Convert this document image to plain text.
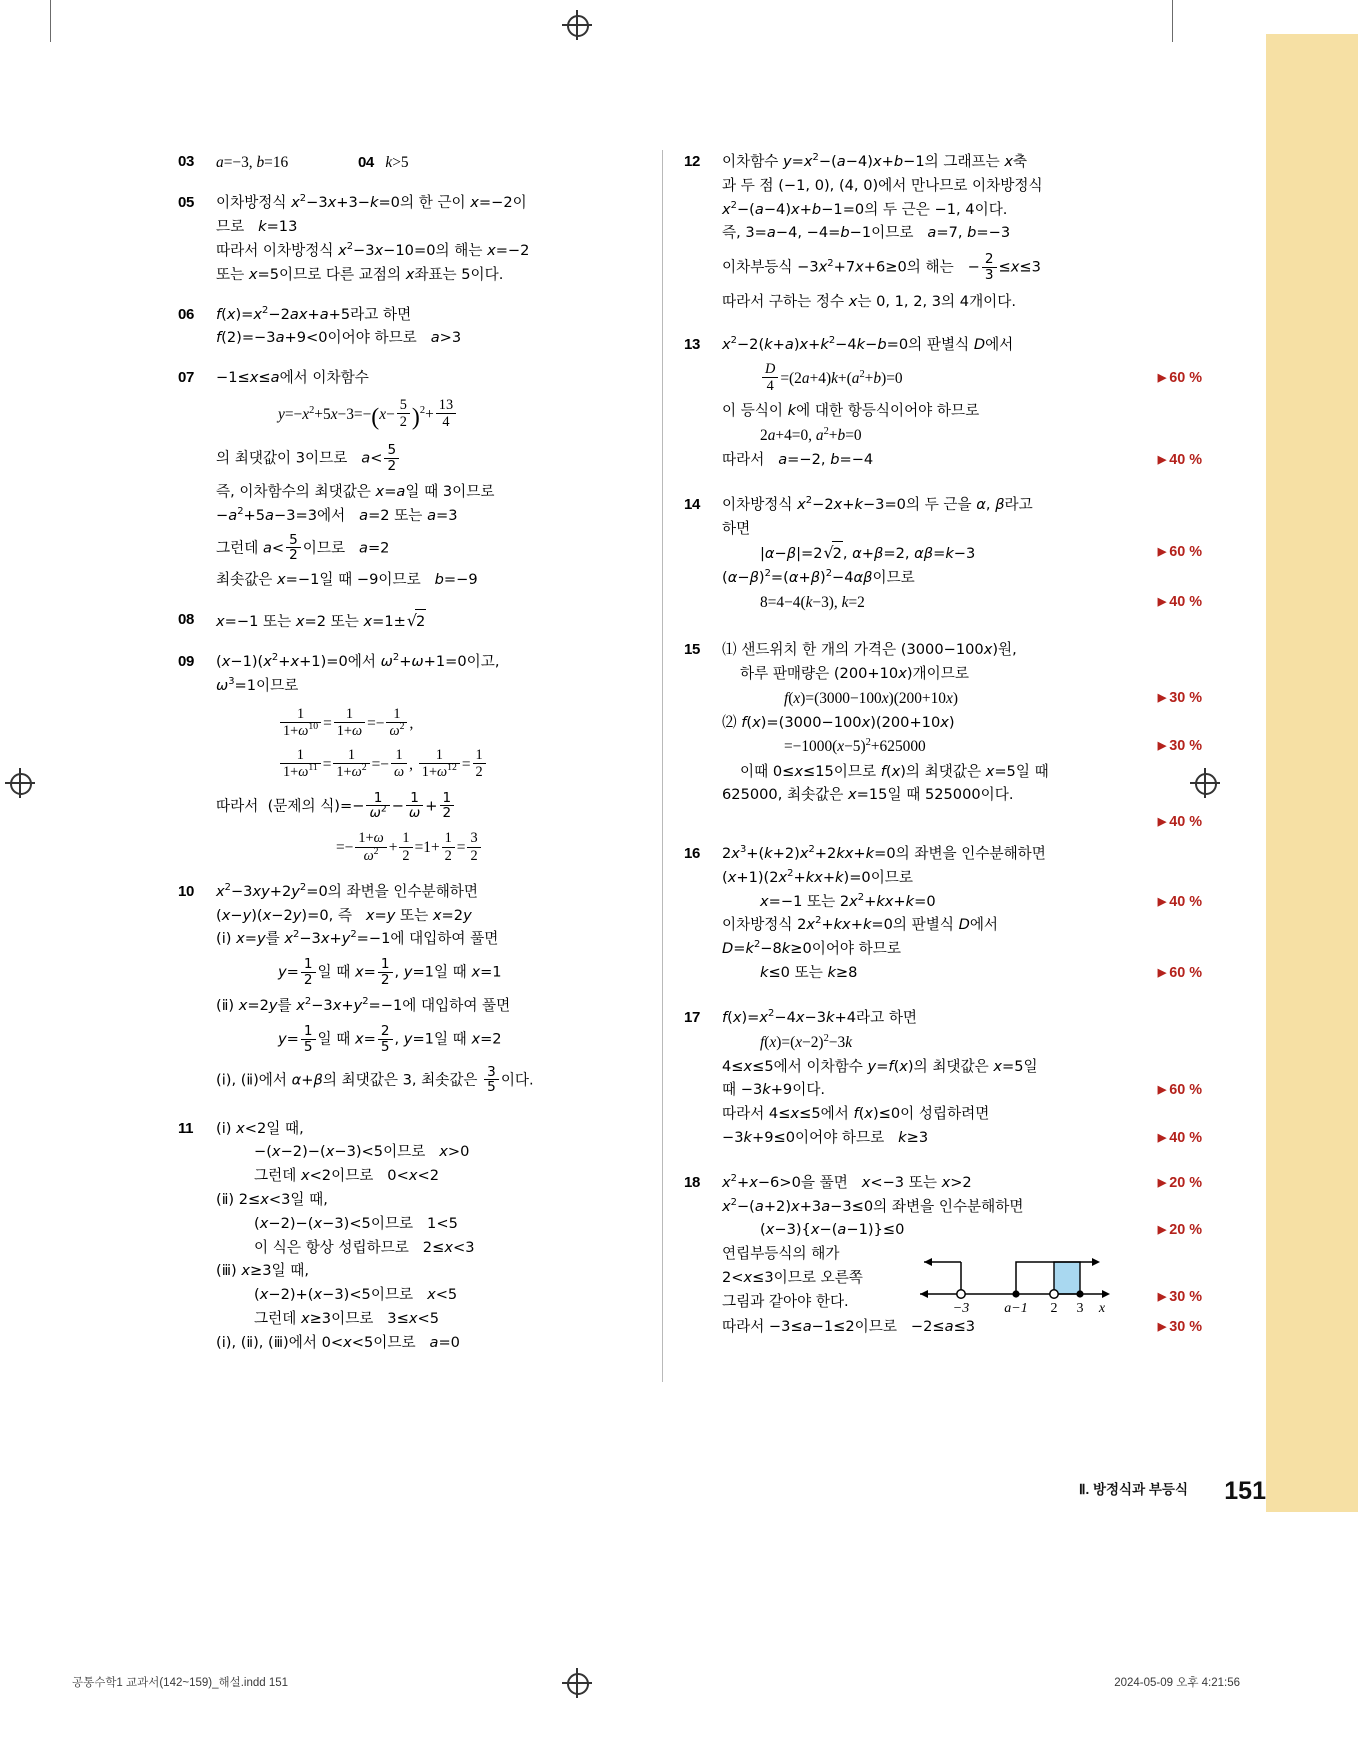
03	a=−3, b=16	04 k>5
05	이차방정식 $x^2-3x+3-k=0$의 한 근이 x=−2이
므로   k=13
따라서 이차방정식 $x^2-3x-10=0$의 해는 x=−2
또는 x=5이므로 다른 교점의 x좌표는 5이다.
06	$f(x)=x^2-2ax+a+5$라고 하면
f(2)=−3a+9<0이어야 하므로   a>3
07	−1≤x≤a에서 이차함수
$y=-x^2+5x-3=-(x- \frac{5}{2} )^2+ \frac{13}{4}$
의 최댓값이 3이므로   $a< \frac{5}{2}$
즉, 이차함수의 최댓값은 x=a일 때 3이므로
$-a^2+5a-3=3$에서   a=2 또는 a=3
그런데 $a< \frac{5}{2}$ 이므로   a=2
최솟값은 x=−1일 때 −9이므로   b=−9
08	x=−1 또는 x=2 또는 x=1±√2
09	$(x-1)(x^2+x+1)=0$에서 $\omega^2+\omega+1=0$이고,
$\omega^3=1$이므로
$\frac{1}{1+\omega^{10}} = \frac{1}{1+\omega} =- \frac{1}{\omega^2}$ ,
$\frac{1}{1+\omega^{11}} = \frac{1}{1+\omega^2} =- \frac{1}{\omega}$ , $\frac{1}{1+\omega^{12}} = \frac{1}{2}$
따라서  (문제의 식)=− $\frac{1}{\omega^2} - \frac{1}{\omega} + \frac{1}{2}$
=− $\frac{1+\omega}{\omega^2} + \frac{1}{2} =1+ \frac{1}{2} = \frac{3}{2}$
10	$x^2-3xy+2y^2=0$의 좌변을 인수분해하면
(x−y)(x−2y)=0, 즉   x=y 또는 x=2y
(ⅰ) x=y를 $x^2-3x+y^2=-1$에 대입하여 풀면
$y= \frac{1}{2}$ 일 때 $x= \frac{1}{2}$ , y=1일 때 x=1
(ⅱ) x=2y를 $x^2-3x+y^2=-1$에 대입하여 풀면
$y= \frac{1}{5}$ 일 때 $x= \frac{2}{5}$ , y=1일 때 x=2
(ⅰ), (ⅱ)에서 α+β의 최댓값은 3, 최솟값은 $\frac{3}{5}$ 이다.
11	(ⅰ) x<2일 때,
−(x−2)−(x−3)<5이므로   x>0
그런데 x<2이므로   0<x<2
(ⅱ) 2≤x<3일 때,
(x−2)−(x−3)<5이므로   1<5
이 식은 항상 성립하므로   2≤x<3
(ⅲ) x≥3일 때,
(x−2)+(x−3)<5이므로   x<5
그런데 x≥3이므로   3≤x<5
(ⅰ), (ⅱ), (ⅲ)에서 0<x<5이므로   a=0
12	이차함수 $y=x^2-(a-4)x+b-1$의 그래프는 x축
과 두 점 (−1, 0), (4, 0)에서 만나므로 이차방정식
$x^2-(a-4)x+b-1=0$의 두 근은 −1, 4이다.
즉, 3=a−4, −4=b−1이므로   a=7, b=−3
이차부등식 $-3x^2+7x+6\ge 0$의 해는   − $\frac{2}{3} \le x\le 3$
따라서 구하는 정수 x는 0, 1, 2, 3의 4개이다.
13	$x^2-2(k+a)x+k^2-4k-b=0$의 판별식 D에서
$\frac{D}{4} =(2a+4)k+(a^2+b)=0$	▶ 60 %
이 등식이 k에 대한 항등식이어야 하므로
2a+4=0, $a^2+b=0$
따라서   a=−2, b=−4	▶ 40 %
14	이차방정식 $x^2-2x+k-3=0$의 두 근을 α, β라고
하면
|α−β|=2√2, α+β=2, αβ=k−3	▶ 60 %
$(\alpha-\beta)^2=(\alpha+\beta)^2-4\alpha\beta$이므로
8=4−4(k−3), k=2	▶ 40 %
15	⑴ 샌드위치 한 개의 가격은 (3000−100x)원,
하루 판매량은 (200+10x)개이므로
f(x)=(3000−100x)(200+10x)	▶ 30 %
⑵ f(x)=(3000−100x)(200+10x)
$=-1000(x-5)^2+625000$	▶ 30 %
이때 0≤x≤15이므로 f(x)의 최댓값은 x=5일 때
625000, 최솟값은 x=15일 때 525000이다.
▶ 40 %
16	$2x^3+(k+2)x^2+2kx+k=0$의 좌변을 인수분해하면
$(x+1)(2x^2+kx+k)=0$이므로
x=−1 또는 $2x^2+kx+k=0$	▶ 40 %
이차방정식 $2x^2+kx+k=0$의 판별식 D에서
$D=k^2-8k\ge 0$이어야 하므로
k≤0 또는 k≥8	▶ 60 %
17	$f(x)=x^2-4x-3k+4$라고 하면
$f(x)=(x-2)^2-3k$
4≤x≤5에서 이차함수 y=f(x)의 최댓값은 x=5일
때 −3k+9이다.	▶ 60 %
따라서 4≤x≤5에서 f(x)≤0이 성립하려면
−3k+9≤0이어야 하므로   k≥3	▶ 40 %
18	$x^2+x-6>0$을 풀면   x<−3 또는 x>2	▶ 20 %
$x^2-(a+2)x+3a-3\le 0$의 좌변을 인수분해하면
(x−3){x−(a−1)}≤0	▶ 20 %
연립부등식의 해가
2<x≤3이므로 오른쪽
그림과 같아야 한다.	−3	a−1 2 3 x
▶ 30 %
따라서 −3≤a−1≤2이므로   −2≤a≤3	▶ 30 %
Ⅱ. 방정식과 부등식 151
공통수학1 교과서(142~159)_해설.indd 151	2024-05-09 오후 4:21:56
